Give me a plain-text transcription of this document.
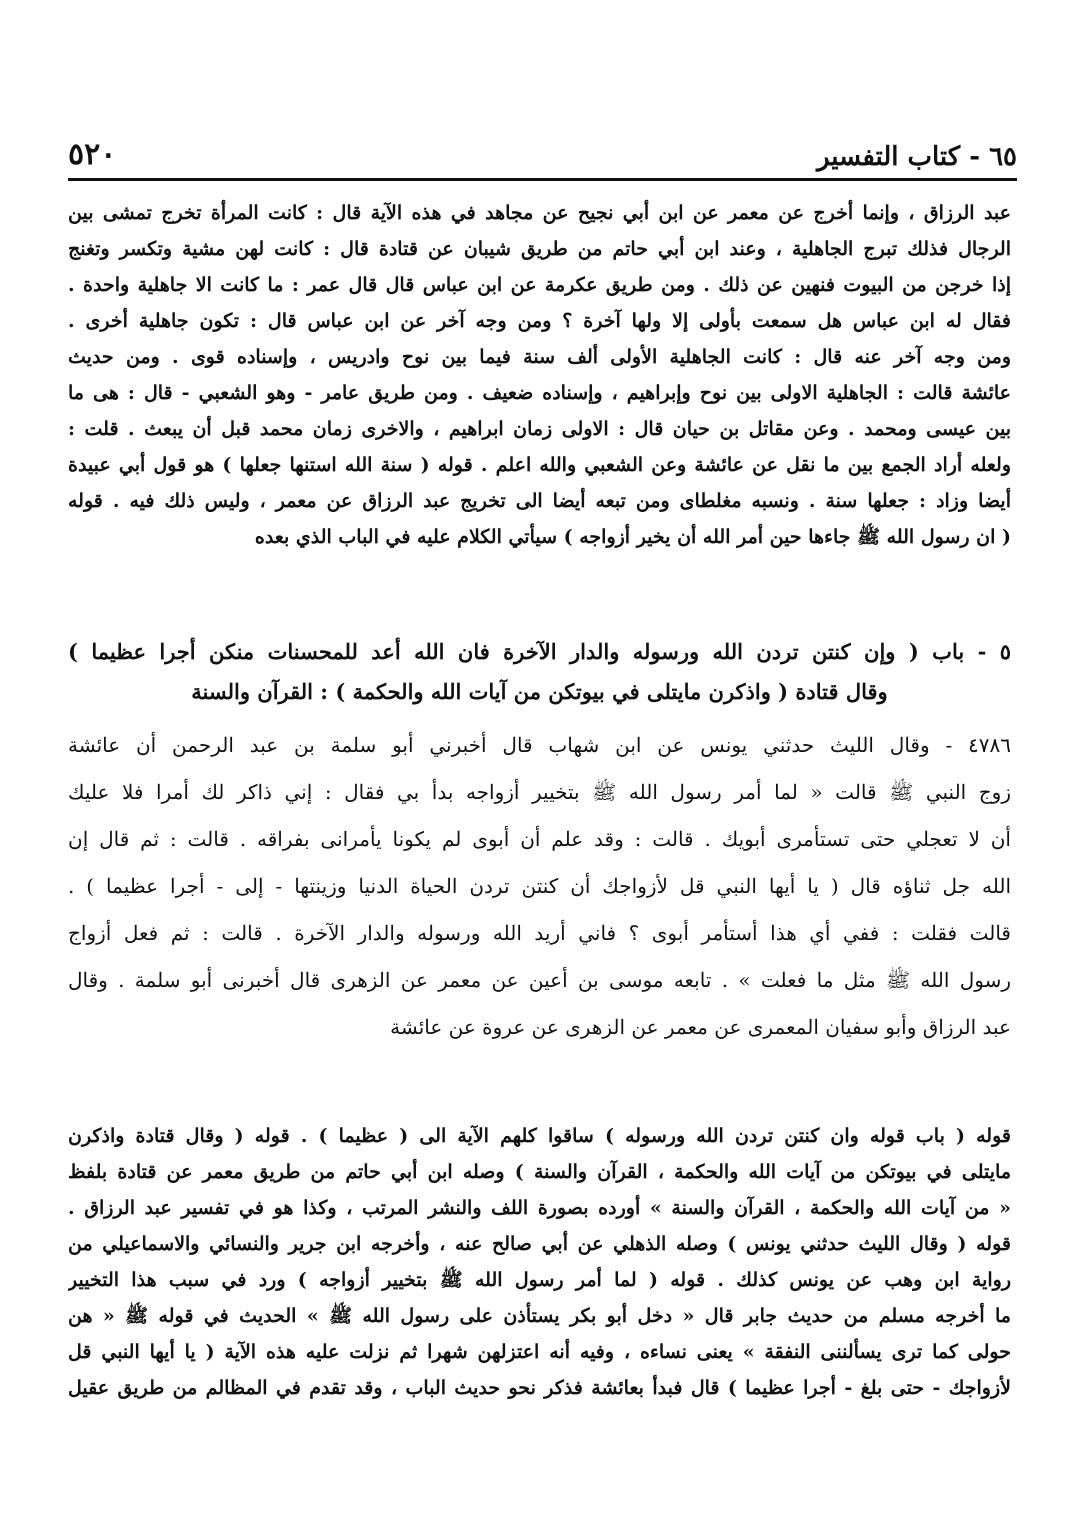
٥٢٠	٦٥ - كتاب التفسير
عبد الرزاق ، وإنما أخرج عن معمر عن ابن أبي نجيح عن مجاهد في هذه الآية قال : كانت المرأة تخرج تمشى بين
الرجال فذلك تبرج الجاهلية ، وعند ابن أبي حاتم من طريق شيبان عن قتادة قال : كانت لهن مشية وتكسر وتغنج
إذا خرجن من البيوت فنهين عن ذلك . ومن طريق عكرمة عن ابن عباس قال قال عمر : ما كانت الا جاهلية واحدة .
فقال له ابن عباس هل سمعت بأولى إلا ولها آخرة ؟ ومن وجه آخر عن ابن عباس قال : تكون جاهلية أخرى .
ومن وجه آخر عنه قال : كانت الجاهلية الأولى ألف سنة فيما بين نوح وادريس ، وإسناده قوى . ومن حديث
عائشة قالت : الجاهلية الاولى بين نوح وإبراهيم ، وإسناده ضعيف . ومن طريق عامر - وهو الشعبي - قال : هى ما
بين عيسى ومحمد . وعن مقاتل بن حيان قال : الاولى زمان ابراهيم ، والاخرى زمان محمد قبل أن يبعث . قلت :
ولعله أراد الجمع بين ما نقل عن عائشة وعن الشعبي والله اعلم . قوله ( سنة الله استنها جعلها ) هو قول أبي عبيدة
أيضا وزاد : جعلها سنة . ونسبه مغلطاى ومن تبعه أيضا الى تخريج عبد الرزاق عن معمر ، وليس ذلك فيه . قوله
( ان رسول الله ﷺ جاءها حين أمر الله أن يخير أزواجه ) سيأتي الكلام عليه في الباب الذي بعده
٥ - باب ( وإن كنتن تردن الله ورسوله والدار الآخرة فان الله أعد للمحسنات منكن أجرا عظيما )
وقال قتادة ( واذكرن مايتلى في بيوتكن من آيات الله والحكمة ) : القرآن والسنة
٤٧٨٦ - وقال الليث حدثني يونس عن ابن شهاب قال أخبرني أبو سلمة بن عبد الرحمن أن عائشة
زوج النبي ﷺ قالت « لما أمر رسول الله ﷺ بتخيير أزواجه بدأ بي فقال : إني ذاكر لك أمرا فلا عليك
أن لا تعجلي حتى تستأمرى أبويك . قالت : وقد علم أن أبوى لم يكونا يأمرانى بفراقه . قالت : ثم قال إن
الله جل ثناؤه قال ( يا أيها النبي قل لأزواجك أن كنتن تردن الحياة الدنيا وزينتها - إلى - أجرا عظيما ) .
قالت فقلت : ففي أي هذا أستأمر أبوى ؟ فاني أريد الله ورسوله والدار الآخرة . قالت : ثم فعل أزواج
رسول الله ﷺ مثل ما فعلت » . تابعه موسى بن أعين عن معمر عن الزهرى قال أخبرنى أبو سلمة . وقال
عبد الرزاق وأبو سفيان المعمرى عن معمر عن الزهرى عن عروة عن عائشة
قوله ( باب قوله وان كنتن تردن الله ورسوله ) ساقوا كلهم الآية الى ( عظيما ) . قوله ( وقال قتادة واذكرن
مايتلى في بيوتكن من آيات الله والحكمة ، القرآن والسنة ) وصله ابن أبي حاتم من طريق معمر عن قتادة بلفظ
« من آيات الله والحكمة ، القرآن والسنة » أورده بصورة اللف والنشر المرتب ، وكذا هو في تفسير عبد الرزاق .
قوله ( وقال الليث حدثني يونس ) وصله الذهلي عن أبي صالح عنه ، وأخرجه ابن جرير والنسائي والاسماعيلي من
رواية ابن وهب عن يونس كذلك . قوله ( لما أمر رسول الله ﷺ بتخيير أزواجه ) ورد في سبب هذا التخيير
ما أخرجه مسلم من حديث جابر قال « دخل أبو بكر يستأذن على رسول الله ﷺ » الحديث في قوله ﷺ « هن
حولى كما ترى يسألننى النفقة » يعنى نساءه ، وفيه أنه اعتزلهن شهرا ثم نزلت عليه هذه الآية ( يا أيها النبي قل
لأزواجك - حتى بلغ - أجرا عظيما ) قال فبدأ بعائشة فذكر نحو حديث الباب ، وقد تقدم في المظالم من طريق عقيل
